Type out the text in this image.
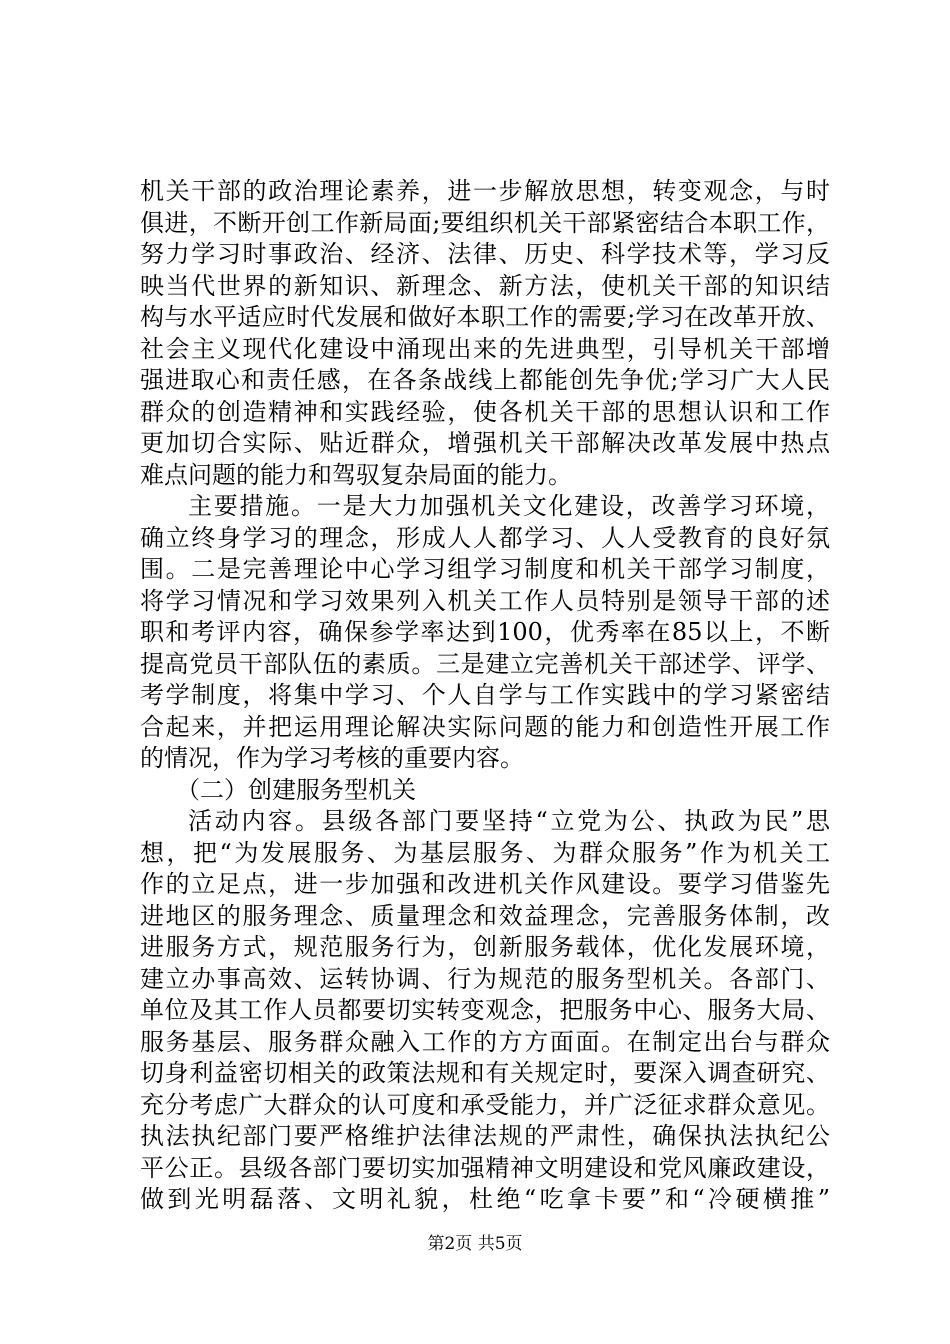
机关干部的政治理论素养，进一步解放思想，转变观念，与时
俱进，不断开创工作新局面;要组织机关干部紧密结合本职工作，
努力学习时事政治、经济、法律、历史、科学技术等，学习反
映当代世界的新知识、新理念、新方法，使机关干部的知识结
构与水平适应时代发展和做好本职工作的需要;学习在改革开放、
社会主义现代化建设中涌现出来的先进典型，引导机关干部增
强进取心和责任感，在各条战线上都能创先争优;学习广大人民
群众的创造精神和实践经验，使各机关干部的思想认识和工作
更加切合实际、贴近群众，增强机关干部解决改革发展中热点
难点问题的能力和驾驭复杂局面的能力。
主要措施。一是大力加强机关文化建设，改善学习环境，
确立终身学习的理念，形成人人都学习、人人受教育的良好氛
围。二是完善理论中心学习组学习制度和机关干部学习制度，
将学习情况和学习效果列入机关工作人员特别是领导干部的述
职和考评内容，确保参学率达到100，优秀率在85以上，不断
提高党员干部队伍的素质。三是建立完善机关干部述学、评学、
考学制度，将集中学习、个人自学与工作实践中的学习紧密结
合起来，并把运用理论解决实际问题的能力和创造性开展工作
的情况，作为学习考核的重要内容。
（二）创建服务型机关
活动内容。县级各部门要坚持“立党为公、执政为民”思
想，把“为发展服务、为基层服务、为群众服务”作为机关工
作的立足点，进一步加强和改进机关作风建设。要学习借鉴先
进地区的服务理念、质量理念和效益理念，完善服务体制，改
进服务方式，规范服务行为，创新服务载体，优化发展环境，
建立办事高效、运转协调、行为规范的服务型机关。各部门、
单位及其工作人员都要切实转变观念，把服务中心、服务大局、
服务基层、服务群众融入工作的方方面面。在制定出台与群众
切身利益密切相关的政策法规和有关规定时，要深入调查研究、
充分考虑广大群众的认可度和承受能力，并广泛征求群众意见。
执法执纪部门要严格维护法律法规的严肃性，确保执法执纪公
平公正。县级各部门要切实加强精神文明建设和党风廉政建设，
做到光明磊落、文明礼貌，杜绝“吃拿卡要”和“冷硬横推”
第2页 共5页
